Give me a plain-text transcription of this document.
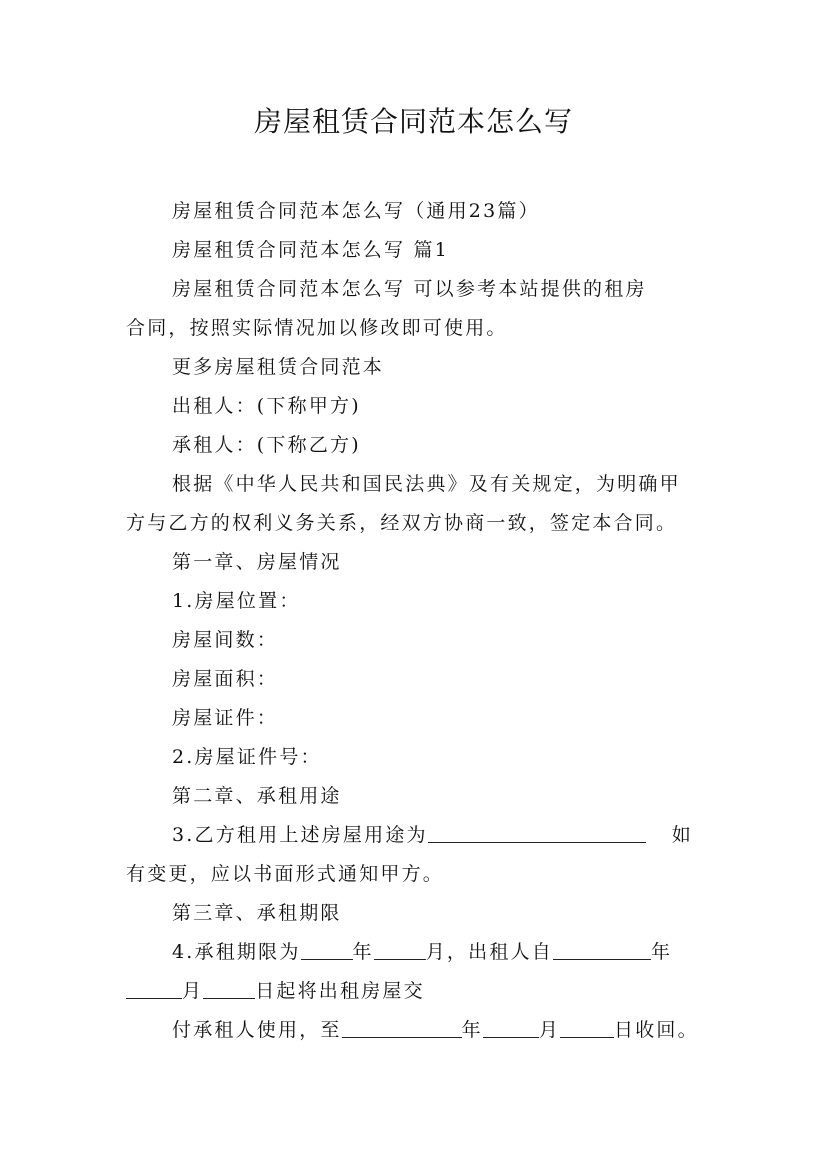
房屋租赁合同范本怎么写
房屋租赁合同范本怎么写（通用23篇）
房屋租赁合同范本怎么写 篇1
房屋租赁合同范本怎么写 可以参考本站提供的租房
合同，按照实际情况加以修改即可使用。
更多房屋租赁合同范本
出租人：(下称甲方)
承租人：(下称乙方)
根据《中华人民共和国民法典》及有关规定，为明确甲
方与乙方的权利义务关系，经双方协商一致，签定本合同。
第一章、房屋情况
1.房屋位置：
房屋间数：
房屋面积：
房屋证件：
2.房屋证件号：
第二章、承租用途
3.乙方租用上述房屋用途为	如
有变更，应以书面形式通知甲方。
第三章、承租期限
4.承租期限为	年	月，出租人自	年
月	日起将出租房屋交
付承租人使用，至	年	月	日收回。
